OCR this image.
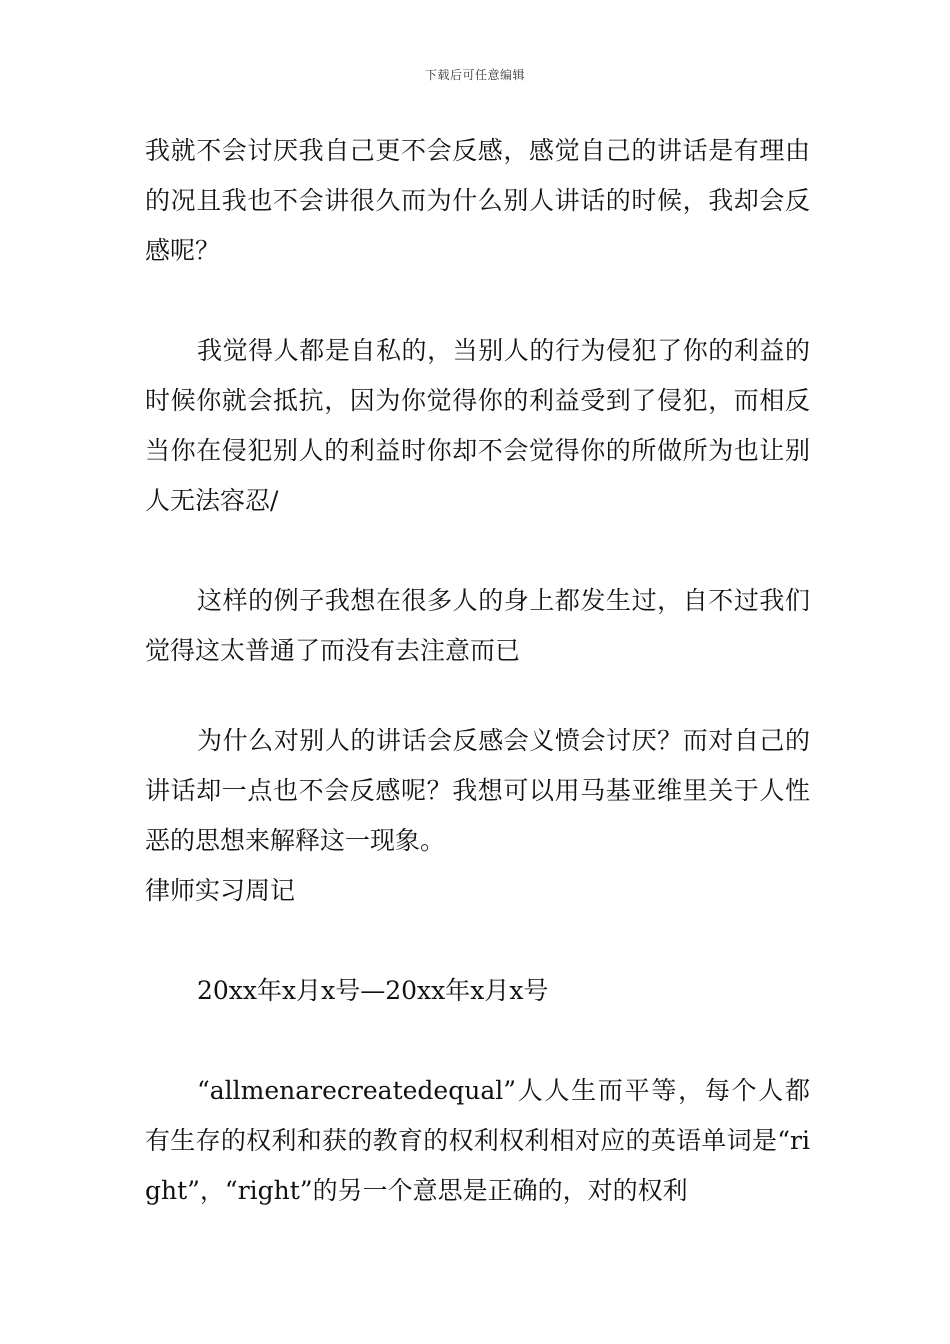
下载后可任意编辑

我就不会讨厌我自己更不会反感，感觉自己的讲话是有理由的况且我也不会讲很久而为什么别人讲话的时候，我却会反感呢？

我觉得人都是自私的，当别人的行为侵犯了你的利益的时候你就会抵抗，因为你觉得你的利益受到了侵犯，而相反当你在侵犯别人的利益时你却不会觉得你的所做所为也让别人无法容忍/

这样的例子我想在很多人的身上都发生过，自不过我们觉得这太普通了而没有去注意而已

为什么对别人的讲话会反感会义愤会讨厌？而对自己的讲话却一点也不会反感呢？我想可以用马基亚维里关于人性恶的思想来解释这一现象。

律师实习周记

20xx年x月x号—20xx年x月x号

“allmenarecreatedequal”人人生而平等，每个人都有生存的权利和获的教育的权利权利相对应的英语单词是“right”，“right”的另一个意思是正确的，对的权利
